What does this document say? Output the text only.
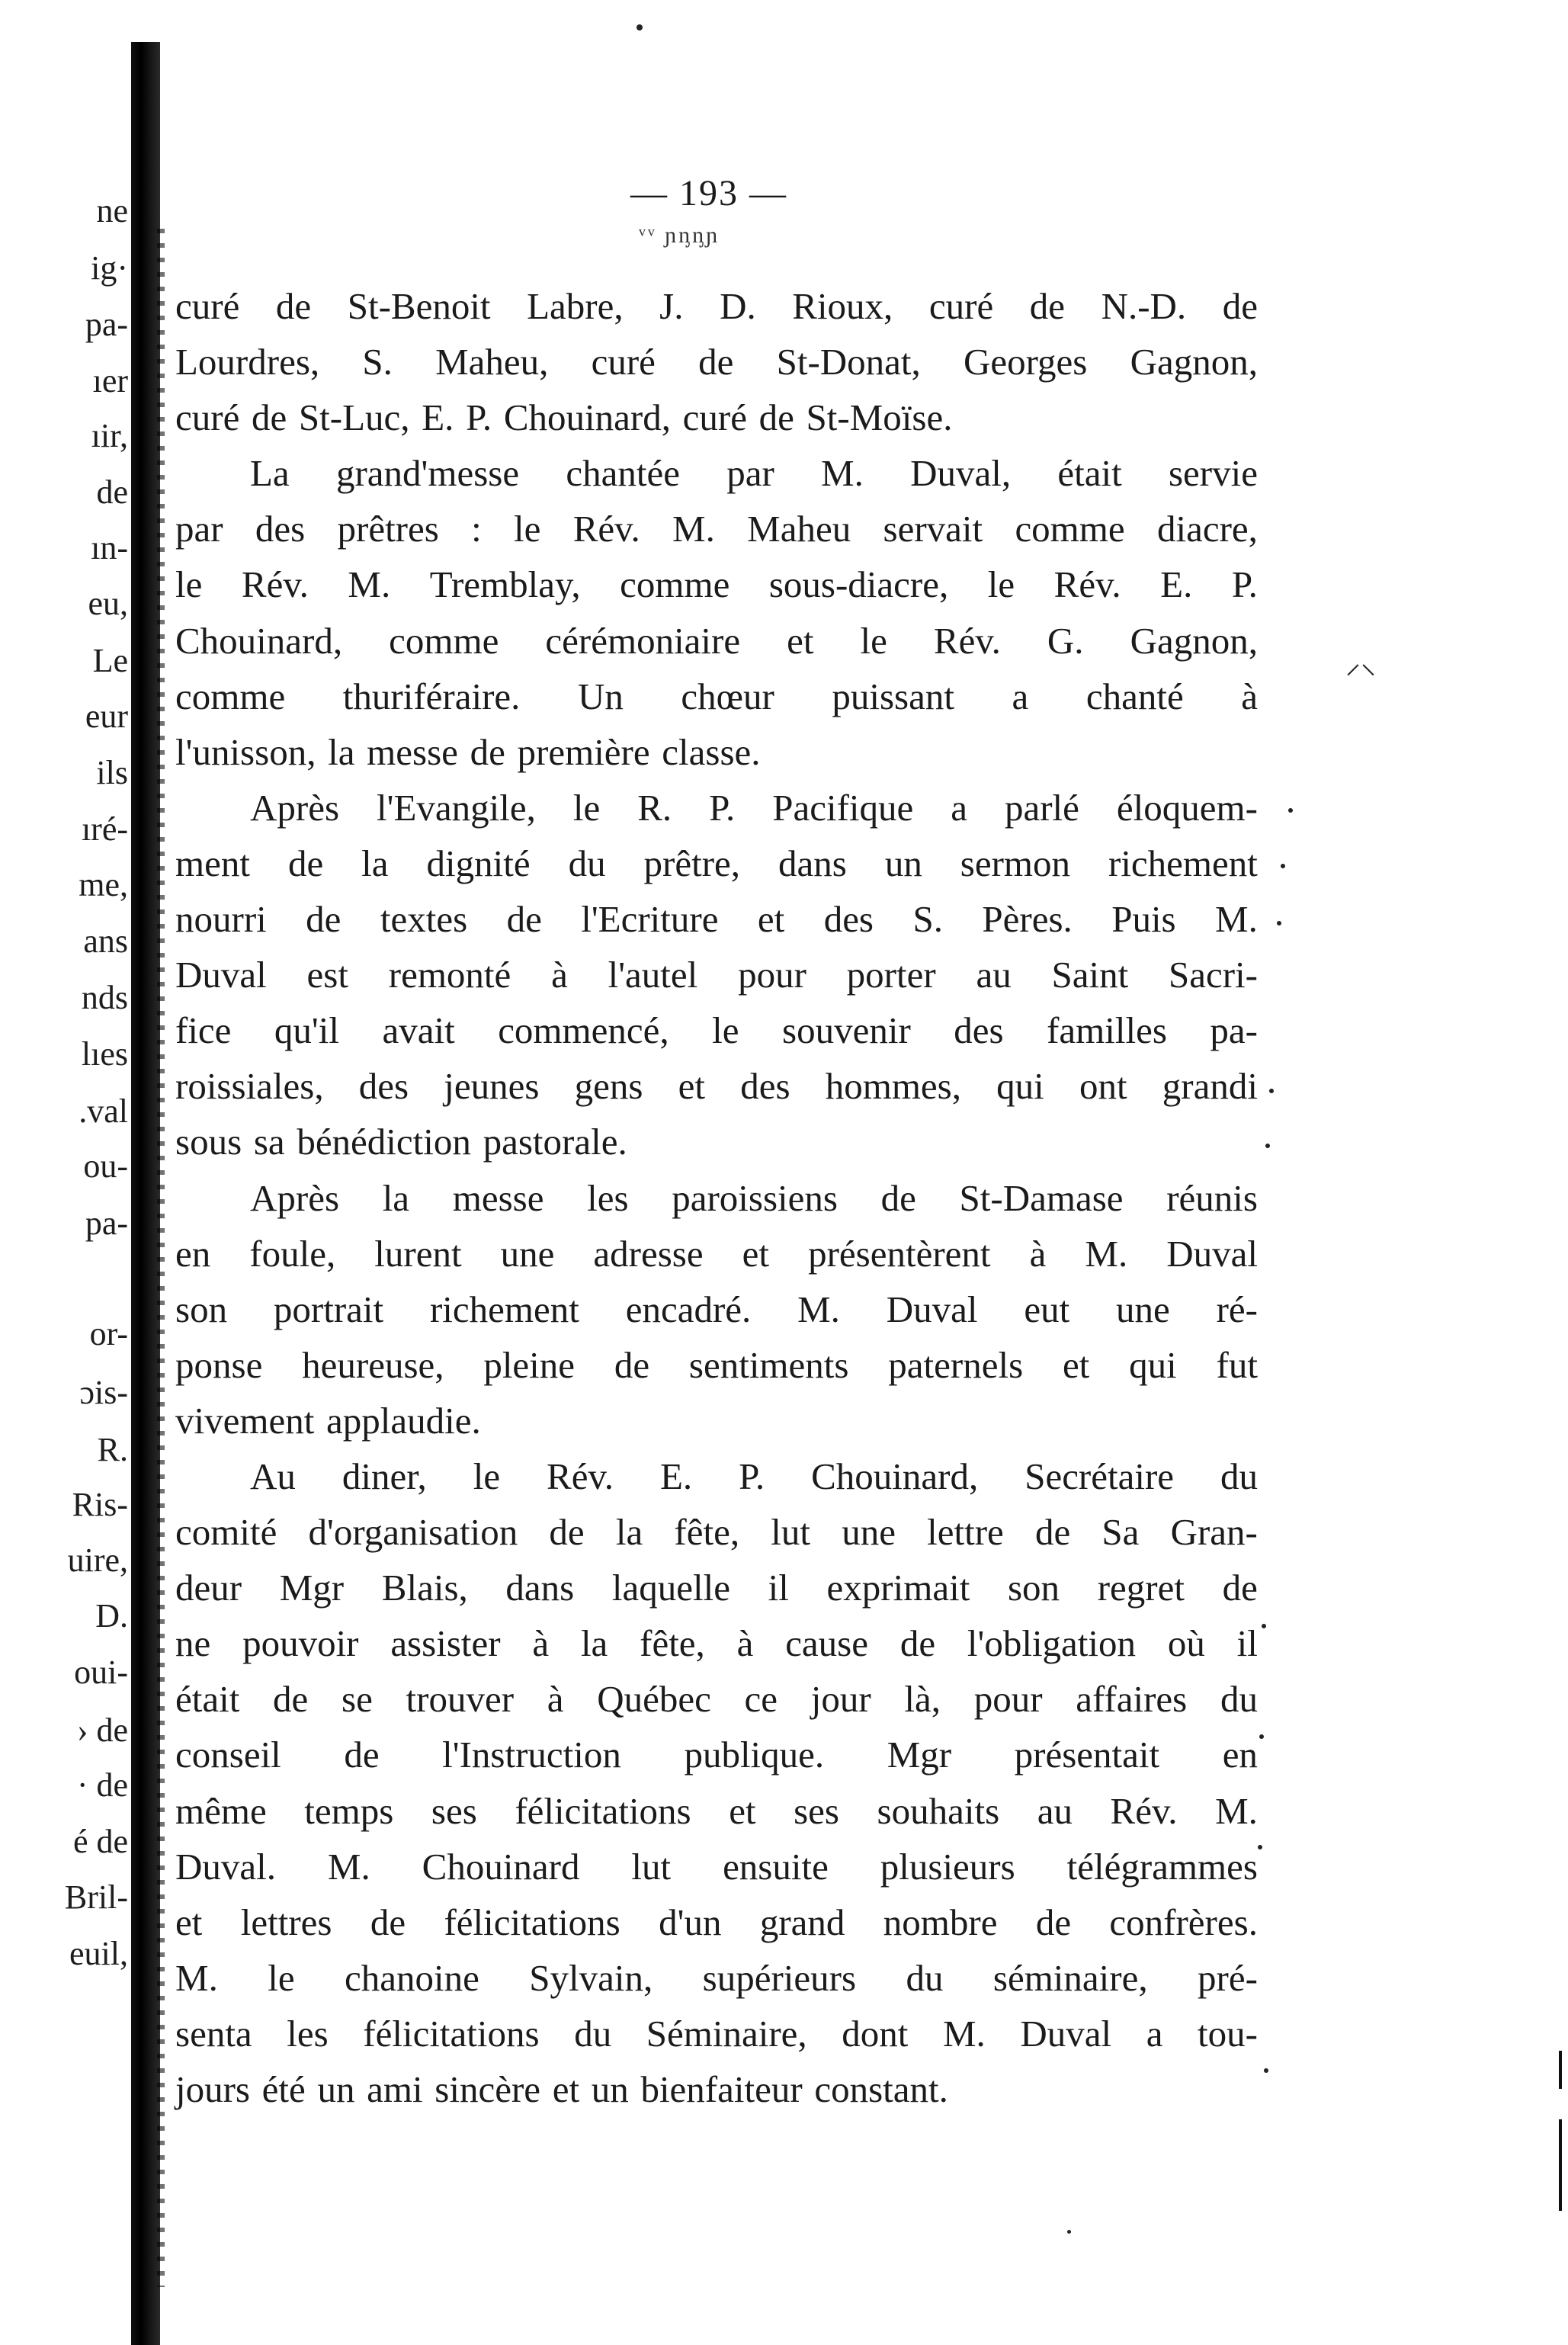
ne
ig·
pa-
ıer
ıir,
de
ın-
eu,
Le
eur
ils
ıré-
me,
ans
nds
lıes
.val
ou-
pa-
or-
ɔis-
R.
Ris-
uire,
D.
oui-
› de
· de
é de
Bril-
euil,
— 193 —
ᵛᵛ ɲᶇᶇɲ
curé de St-Benoit Labre, J. D. Rioux, curé de N.-D. de
Lourdres, S. Maheu, curé de St-Donat, Georges Gagnon,
curé de St-Luc, E. P. Chouinard, curé de St-Moïse.
La grand'messe chantée par M. Duval, était servie
par des prêtres : le Rév. M. Maheu servait comme diacre,
le Rév. M. Tremblay, comme sous-diacre, le Rév. E. P.
Chouinard, comme cérémoniaire et le Rév. G. Gagnon,
comme thuriféraire. Un chœur puissant a chanté à
l'unisson, la messe de première classe.
Après l'Evangile, le R. P. Pacifique a parlé éloquem-
ment de la dignité du prêtre, dans un sermon richement
nourri de textes de l'Ecriture et des S. Pères. Puis M.
Duval est remonté à l'autel pour porter au Saint Sacri-
fice qu'il avait commencé, le souvenir des familles pa-
roissiales, des jeunes gens et des hommes, qui ont grandi
sous sa bénédiction pastorale.
Après la messe les paroissiens de St-Damase réunis
en foule, lurent une adresse et présentèrent à M. Duval
son portrait richement encadré. M. Duval eut une ré-
ponse heureuse, pleine de sentiments paternels et qui fut
vivement applaudie.
Au diner, le Rév. E. P. Chouinard, Secrétaire du
comité d'organisation de la fête, lut une lettre de Sa Gran-
deur Mgr Blais, dans laquelle il exprimait son regret de
ne pouvoir assister à la fête, à cause de l'obligation où il
était de se trouver à Québec ce jour là, pour affaires du
conseil de l'Instruction publique. Mgr présentait en
même temps ses félicitations et ses souhaits au Rév. M.
Duval. M. Chouinard lut ensuite plusieurs télégrammes
et lettres de félicitations d'un grand nombre de confrères.
M. le chanoine Sylvain, supérieurs du séminaire, pré-
senta les félicitations du Séminaire, dont M. Duval a tou-
jours été un ami sincère et un bienfaiteur constant.
⸝⸜
